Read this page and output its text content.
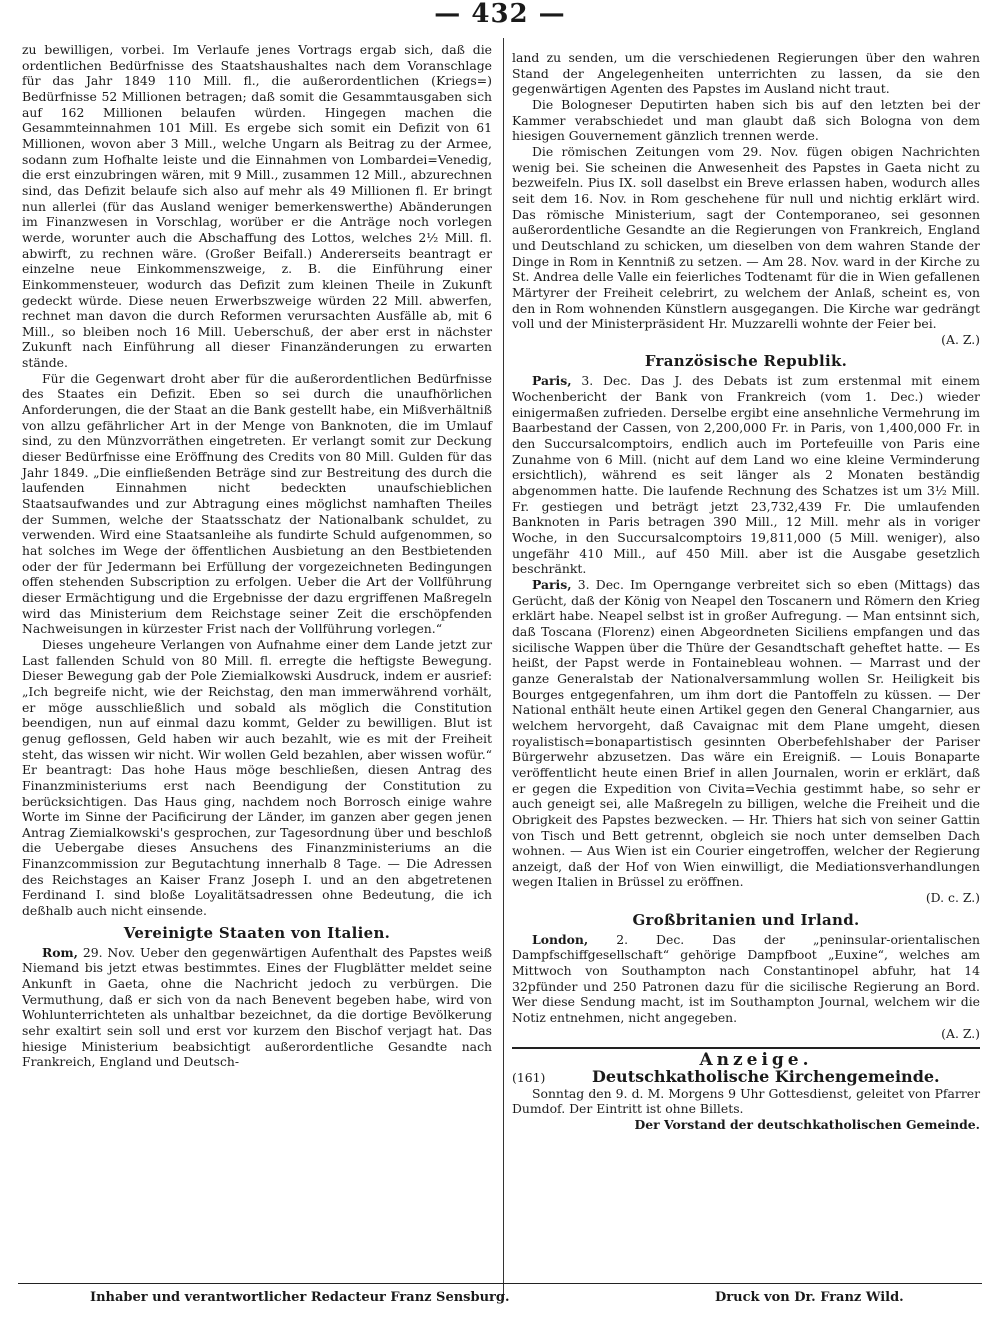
— 432 —

zu bewilligen, vorbei. Im Verlaufe jenes Vortrags ergab sich, daß die ordentlichen Bedürfnisse des Staatshaushaltes nach dem Voranschlage für das Jahr 1849 110 Mill. fl., die außerordentlichen (Kriegs=) Bedürfnisse 52 Millionen betragen; daß somit die Gesammtausgaben sich auf 162 Millionen belaufen würden. Hingegen machen die Gesammteinnahmen 101 Mill. Es ergebe sich somit ein Defizit von 61 Millionen, wovon aber 3 Mill., welche Ungarn als Beitrag zu der Armee, sodann zum Hofhalte leiste und die Einnahmen von Lombardei=Venedig, die erst einzubringen wären, mit 9 Mill., zusammen 12 Mill., abzurechnen sind, das Defizit belaufe sich also auf mehr als 49 Millionen fl. Er bringt nun allerlei (für das Ausland weniger bemerkenswerthe) Abänderungen im Finanzwesen in Vorschlag, worüber er die Anträge noch vorlegen werde, worunter auch die Abschaffung des Lottos, welches 2½ Mill. fl. abwirft, zu rechnen wäre. (Großer Beifall.) Andererseits beantragt er einzelne neue Einkommenszweige, z. B. die Einführung einer Einkommensteuer, wodurch das Defizit zum kleinen Theile in Zukunft gedeckt würde. Diese neuen Erwerbszweige würden 22 Mill. abwerfen, rechnet man davon die durch Reformen verursachten Ausfälle ab, mit 6 Mill., so bleiben noch 16 Mill. Ueberschuß, der aber erst in nächster Zukunft nach Einführung all dieser Finanzänderungen zu erwarten stände.

Für die Gegenwart droht aber für die außerordentlichen Bedürfnisse des Staates ein Defizit. Eben so sei durch die unaufhörlichen Anforderungen, die der Staat an die Bank gestellt habe, ein Mißverhältniß von allzu gefährlicher Art in der Menge von Banknoten, die im Umlauf sind, zu den Münzvorräthen eingetreten. Er verlangt somit zur Deckung dieser Bedürfnisse eine Eröffnung des Credits von 80 Mill. Gulden für das Jahr 1849. „Die einfließenden Beträge sind zur Bestreitung des durch die laufenden Einnahmen nicht bedeckten unaufschieblichen Staatsaufwandes und zur Abtragung eines möglichst namhaften Theiles der Summen, welche der Staatsschatz der Nationalbank schuldet, zu verwenden. Wird eine Staatsanleihe als fundirte Schuld aufgenommen, so hat solches im Wege der öffentlichen Ausbietung an den Bestbietenden oder der für Jedermann bei Erfüllung der vorgezeichneten Bedingungen offen stehenden Subscription zu erfolgen. Ueber die Art der Vollführung dieser Ermächtigung und die Ergebnisse der dazu ergriffenen Maßregeln wird das Ministerium dem Reichstage seiner Zeit die erschöpfenden Nachweisungen in kürzester Frist nach der Vollführung vorlegen.“

Dieses ungeheure Verlangen von Aufnahme einer dem Lande jetzt zur Last fallenden Schuld von 80 Mill. fl. erregte die heftigste Bewegung. Dieser Bewegung gab der Pole Ziemialkowski Ausdruck, indem er ausrief: „Ich begreife nicht, wie der Reichstag, den man immerwährend vorhält, er möge ausschließlich und sobald als möglich die Constitution beendigen, nun auf einmal dazu kommt, Gelder zu bewilligen. Blut ist genug geflossen, Geld haben wir auch bezahlt, wie es mit der Freiheit steht, das wissen wir nicht. Wir wollen Geld bezahlen, aber wissen wofür.“ Er beantragt: Das hohe Haus möge beschließen, diesen Antrag des Finanzministeriums erst nach Beendigung der Constitution zu berücksichtigen. Das Haus ging, nachdem noch Borrosch einige wahre Worte im Sinne der Pacificirung der Länder, im ganzen aber gegen jenen Antrag Ziemialkowski's gesprochen, zur Tagesordnung über und beschloß die Uebergabe dieses Ansuchens des Finanzministeriums an die Finanzcommission zur Begutachtung innerhalb 8 Tage. — Die Adressen des Reichstages an Kaiser Franz Joseph I. und an den abgetretenen Ferdinand I. sind bloße Loyalitätsadressen ohne Bedeutung, die ich deßhalb auch nicht einsende.

Vereinigte Staaten von Italien.

Rom, 29. Nov. Ueber den gegenwärtigen Aufenthalt des Papstes weiß Niemand bis jetzt etwas bestimmtes. Eines der Flugblätter meldet seine Ankunft in Gaeta, ohne die Nachricht jedoch zu verbürgen. Die Vermuthung, daß er sich von da nach Benevent begeben habe, wird von Wohlunterrichteten als unhaltbar bezeichnet, da die dortige Bevölkerung sehr exaltirt sein soll und erst vor kurzem den Bischof verjagt hat. Das hiesige Ministerium beabsichtigt außerordentliche Gesandte nach Frankreich, England und Deutsch-

land zu senden, um die verschiedenen Regierungen über den wahren Stand der Angelegenheiten unterrichten zu lassen, da sie den gegenwärtigen Agenten des Papstes im Ausland nicht traut.

Die Bologneser Deputirten haben sich bis auf den letzten bei der Kammer verabschiedet und man glaubt daß sich Bologna von dem hiesigen Gouvernement gänzlich trennen werde.

Die römischen Zeitungen vom 29. Nov. fügen obigen Nachrichten wenig bei. Sie scheinen die Anwesenheit des Papstes in Gaeta nicht zu bezweifeln. Pius IX. soll daselbst ein Breve erlassen haben, wodurch alles seit dem 16. Nov. in Rom geschehene für null und nichtig erklärt wird. Das römische Ministerium, sagt der Contemporaneo, sei gesonnen außerordentliche Gesandte an die Regierungen von Frankreich, England und Deutschland zu schicken, um dieselben von dem wahren Stande der Dinge in Rom in Kenntniß zu setzen. — Am 28. Nov. ward in der Kirche zu St. Andrea delle Valle ein feierliches Todtenamt für die in Wien gefallenen Märtyrer der Freiheit celebrirt, zu welchem der Anlaß, scheint es, von den in Rom wohnenden Künstlern ausgegangen. Die Kirche war gedrängt voll und der Ministerpräsident Hr. Muzzarelli wohnte der Feier bei.

(A. Z.)
Französische Republik.

Paris, 3. Dec. Das J. des Debats ist zum erstenmal mit einem Wochenbericht der Bank von Frankreich (vom 1. Dec.) wieder einigermaßen zufrieden. Derselbe ergibt eine ansehnliche Vermehrung im Baarbestand der Cassen, von 2,200,000 Fr. in Paris, von 1,400,000 Fr. in den Succursalcomptoirs, endlich auch im Portefeuille von Paris eine Zunahme von 6 Mill. (nicht auf dem Land wo eine kleine Verminderung ersichtlich), während es seit länger als 2 Monaten beständig abgenommen hatte. Die laufende Rechnung des Schatzes ist um 3½ Mill. Fr. gestiegen und beträgt jetzt 23,732,439 Fr. Die umlaufenden Banknoten in Paris betragen 390 Mill., 12 Mill. mehr als in voriger Woche, in den Succursalcomptoirs 19,811,000 (5 Mill. weniger), also ungefähr 410 Mill., auf 450 Mill. aber ist die Ausgabe gesetzlich beschränkt.

Paris, 3. Dec. Im Operngange verbreitet sich so eben (Mittags) das Gerücht, daß der König von Neapel den Toscanern und Römern den Krieg erklärt habe. Neapel selbst ist in großer Aufregung. — Man entsinnt sich, daß Toscana (Florenz) einen Abgeordneten Siciliens empfangen und das sicilische Wappen über die Thüre der Gesandtschaft geheftet hatte. — Es heißt, der Papst werde in Fontainebleau wohnen. — Marrast und der ganze Generalstab der Nationalversammlung wollen Sr. Heiligkeit bis Bourges entgegenfahren, um ihm dort die Pantoffeln zu küssen. — Der National enthält heute einen Artikel gegen den General Changarnier, aus welchem hervorgeht, daß Cavaignac mit dem Plane umgeht, diesen royalistisch=bonapartistisch gesinnten Oberbefehlshaber der Pariser Bürgerwehr abzusetzen. Das wäre ein Ereigniß. — Louis Bonaparte veröffentlicht heute einen Brief in allen Journalen, worin er erklärt, daß er gegen die Expedition von Civita=Vechia gestimmt habe, so sehr er auch geneigt sei, alle Maßregeln zu billigen, welche die Freiheit und die Obrigkeit des Papstes bezwecken. — Hr. Thiers hat sich von seiner Gattin von Tisch und Bett getrennt, obgleich sie noch unter demselben Dach wohnen. — Aus Wien ist ein Courier eingetroffen, welcher der Regierung anzeigt, daß der Hof von Wien einwilligt, die Mediationsverhandlungen wegen Italien in Brüssel zu eröffnen.

(D. c. Z.)
Großbritanien und Irland.

London, 2. Dec. Das der „peninsular-orientalischen Dampfschiffgesellschaft“ gehörige Dampfboot „Euxine“, welches am Mittwoch von Southampton nach Constantinopel abfuhr, hat 14 32pfünder und 250 Patronen dazu für die sicilische Regierung an Bord. Wer diese Sendung macht, ist im Southampton Journal, welchem wir die Notiz entnehmen, nicht angegeben.

(A. Z.)

Anzeige.

(161)	Deutschkatholische Kirchengemeinde.

Sonntag den 9. d. M. Morgens 9 Uhr Gottesdienst, geleitet von Pfarrer Dumdof. Der Eintritt ist ohne Billets.

Der Vorstand der deutschkatholischen Gemeinde.

Inhaber und verantwortlicher Redacteur Franz Sensburg.	Druck von Dr. Franz Wild.
